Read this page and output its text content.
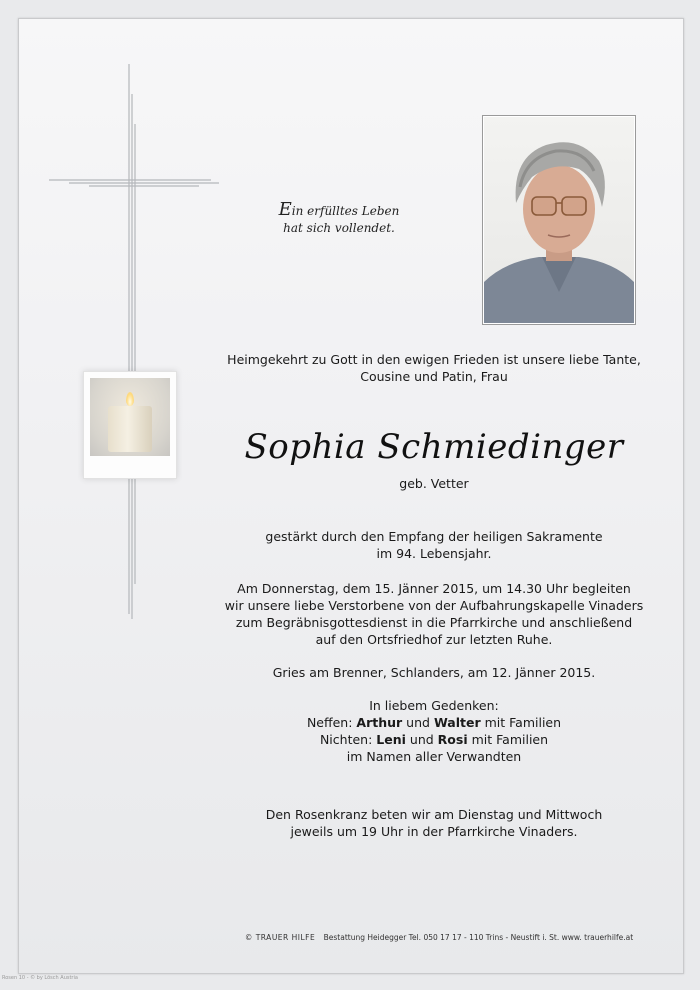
Ein erfülltes Leben
hat sich vollendet.
Heimgekehrt zu Gott in den ewigen Frieden ist unsere liebe Tante,
Cousine und Patin, Frau
Sophia Schmiedinger
geb. Vetter
gestärkt durch den Empfang der heiligen Sakramente
im 94. Lebensjahr.
Am Donnerstag, dem 15. Jänner 2015, um 14.30 Uhr begleiten
wir unsere liebe Verstorbene von der Aufbahrungskapelle Vinaders
zum Begräbnisgottesdienst in die Pfarrkirche und anschließend
auf den Ortsfriedhof zur letzten Ruhe.
Gries am Brenner, Schlanders, am 12. Jänner 2015.
In liebem Gedenken:
Neffen: Arthur und Walter mit Familien
Nichten: Leni und Rosi mit Familien
im Namen aller Verwandten
Den Rosenkranz beten wir am Dienstag und Mittwoch
jeweils um 19 Uhr in der Pfarrkirche Vinaders.
© TRAUER HILFE Bestattung Heidegger Tel. 050 17 17 - 110 Trins - Neustift i. St. www. trauerhilfe.at
Rosen 10 - © by Lösch Austria
